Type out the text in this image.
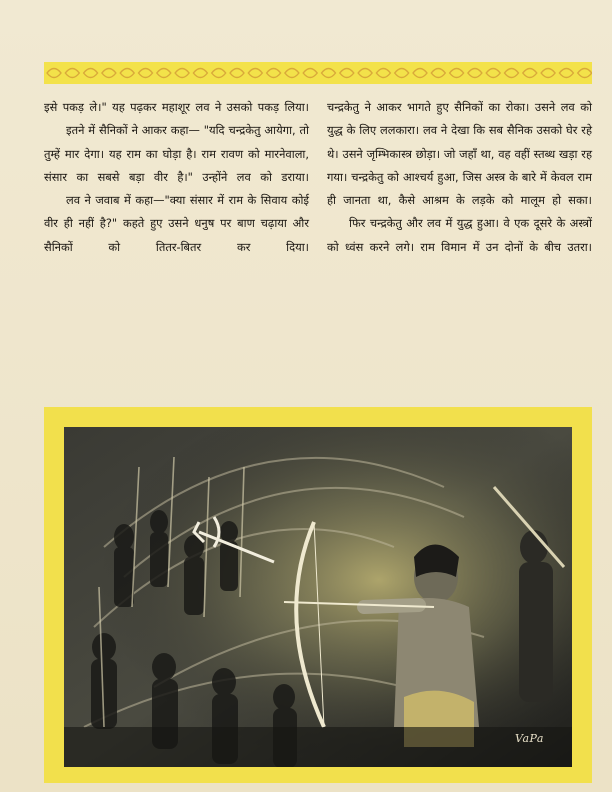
इसे पकड़ ले।" यह पढ़कर महाशूर लव ने उसको पकड़ लिया।

इतने में सैनिकों ने आकर कहा— "यदि चन्द्रकेतु आयेगा, तो तुम्हें मार देगा। यह राम का घोड़ा है। राम रावण को मारनेवाला, संसार का सबसे बड़ा वीर है।" उन्होंने लव को डराया।

लव ने जवाब में कहा—"क्या संसार में राम के सिवाय कोई वीर ही नहीं है?" कहते हुए उसने धनुष पर बाण चढ़ाया और सैनिकों को तितर-बितर कर दिया।

चन्द्रकेतु ने आकर भागते हुए सैनिकों का रोका। उसने लव को युद्ध के लिए ललकारा। लव ने देखा कि सब सैनिक उसको घेर रहे थे। उसने जृम्भिकास्त्र छोड़ा। जो जहाँ था, वह वहीं स्तब्ध खड़ा रह गया। चन्द्रकेतु को आश्चर्य हुआ, जिस अस्त्र के बारे में केवल राम ही जानता था, कैसे आश्रम के लड़के को मालूम हो सका।

फिर चन्द्रकेतु और लव में युद्ध हुआ। वे एक दूसरे के अस्त्रों को ध्वंस करने लगे। राम विमान में उन दोनों के बीच उतरा।

VaPa
